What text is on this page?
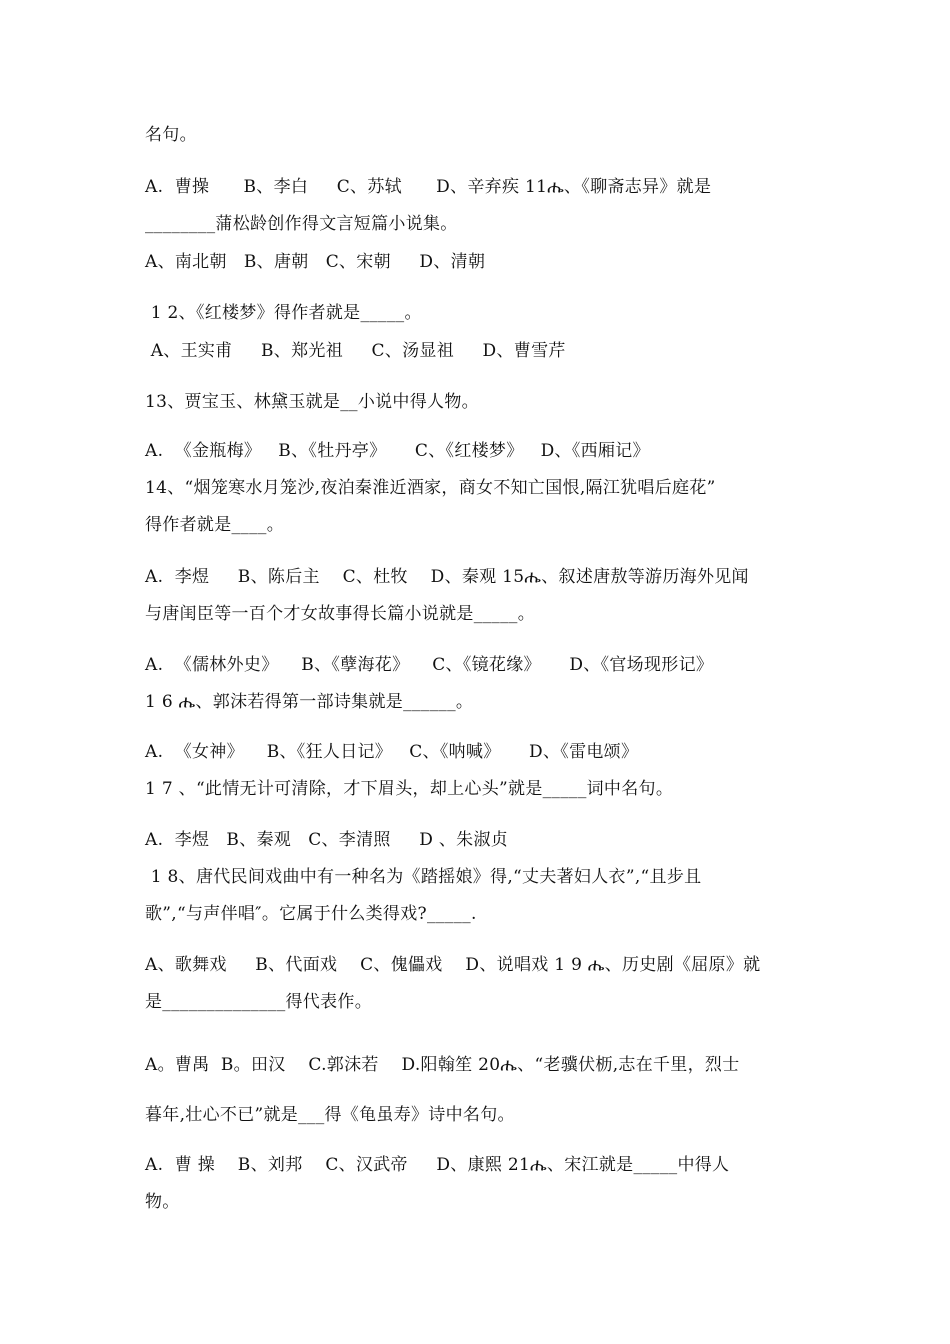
名句。
A.  曹操      B、李白     C、苏轼      D、辛弃疾 11ሔ、《聊斋志异》就是
________蒲松龄创作得文言短篇小说集。
A、南北朝   B、唐朝   C、宋朝     D、清朝
1 2、《红楼梦》得作者就是_____。
A、王实甫     B、郑光祖     C、汤显祖     D、曹雪芹
13、贾宝玉、林黛玉就是__小说中得人物。
A.  《金瓶梅》   B、《牡丹亭》     C、《红楼梦》   D、《西厢记》
14、“烟笼寒水月笼沙,夜泊秦淮近酒家，商女不知亡国恨,隔江犹唱后庭花”
得作者就是____。
A.  李煜     B、陈后主    C、杜牧    D、秦观 15ሔ、叙述唐敖等游历海外见闻
与唐闺臣等一百个才女故事得长篇小说就是_____。
A.  《儒林外史》    B、《孽海花》    C、《镜花缘》     D、《官场现形记》
1 6 ሔ、郭沫若得第一部诗集就是______。
A.  《女神》    B、《狂人日记》   C、《呐喊》     D、《雷电颂》
1 7 、“此情无计可清除，才下眉头，却上心头”就是_____词中名句。
A.  李煜   B、秦观   C、李清照     D 、朱淑贞
1 8、唐代民间戏曲中有一种名为《踏摇娘》得,“丈夫著妇人衣”,“且步且
歌”,“与声伴唱″。它属于什么类得戏?_____.
A、歌舞戏     B、代面戏    C、傀儡戏    D、说唱戏 1 9 ሔ、历史剧《屈原》就
是______________得代表作。
A。曹禺  B。田汉    C.郭沫若    D.阳翰笙 20ሔ、“老骥伏枥,志在千里，烈士
暮年,壮心不已”就是___得《龟虽寿》诗中名句。
A.  曹 操    B、刘邦    C、汉武帝     D、康熙 21ሔ、宋江就是_____中得人
物。
